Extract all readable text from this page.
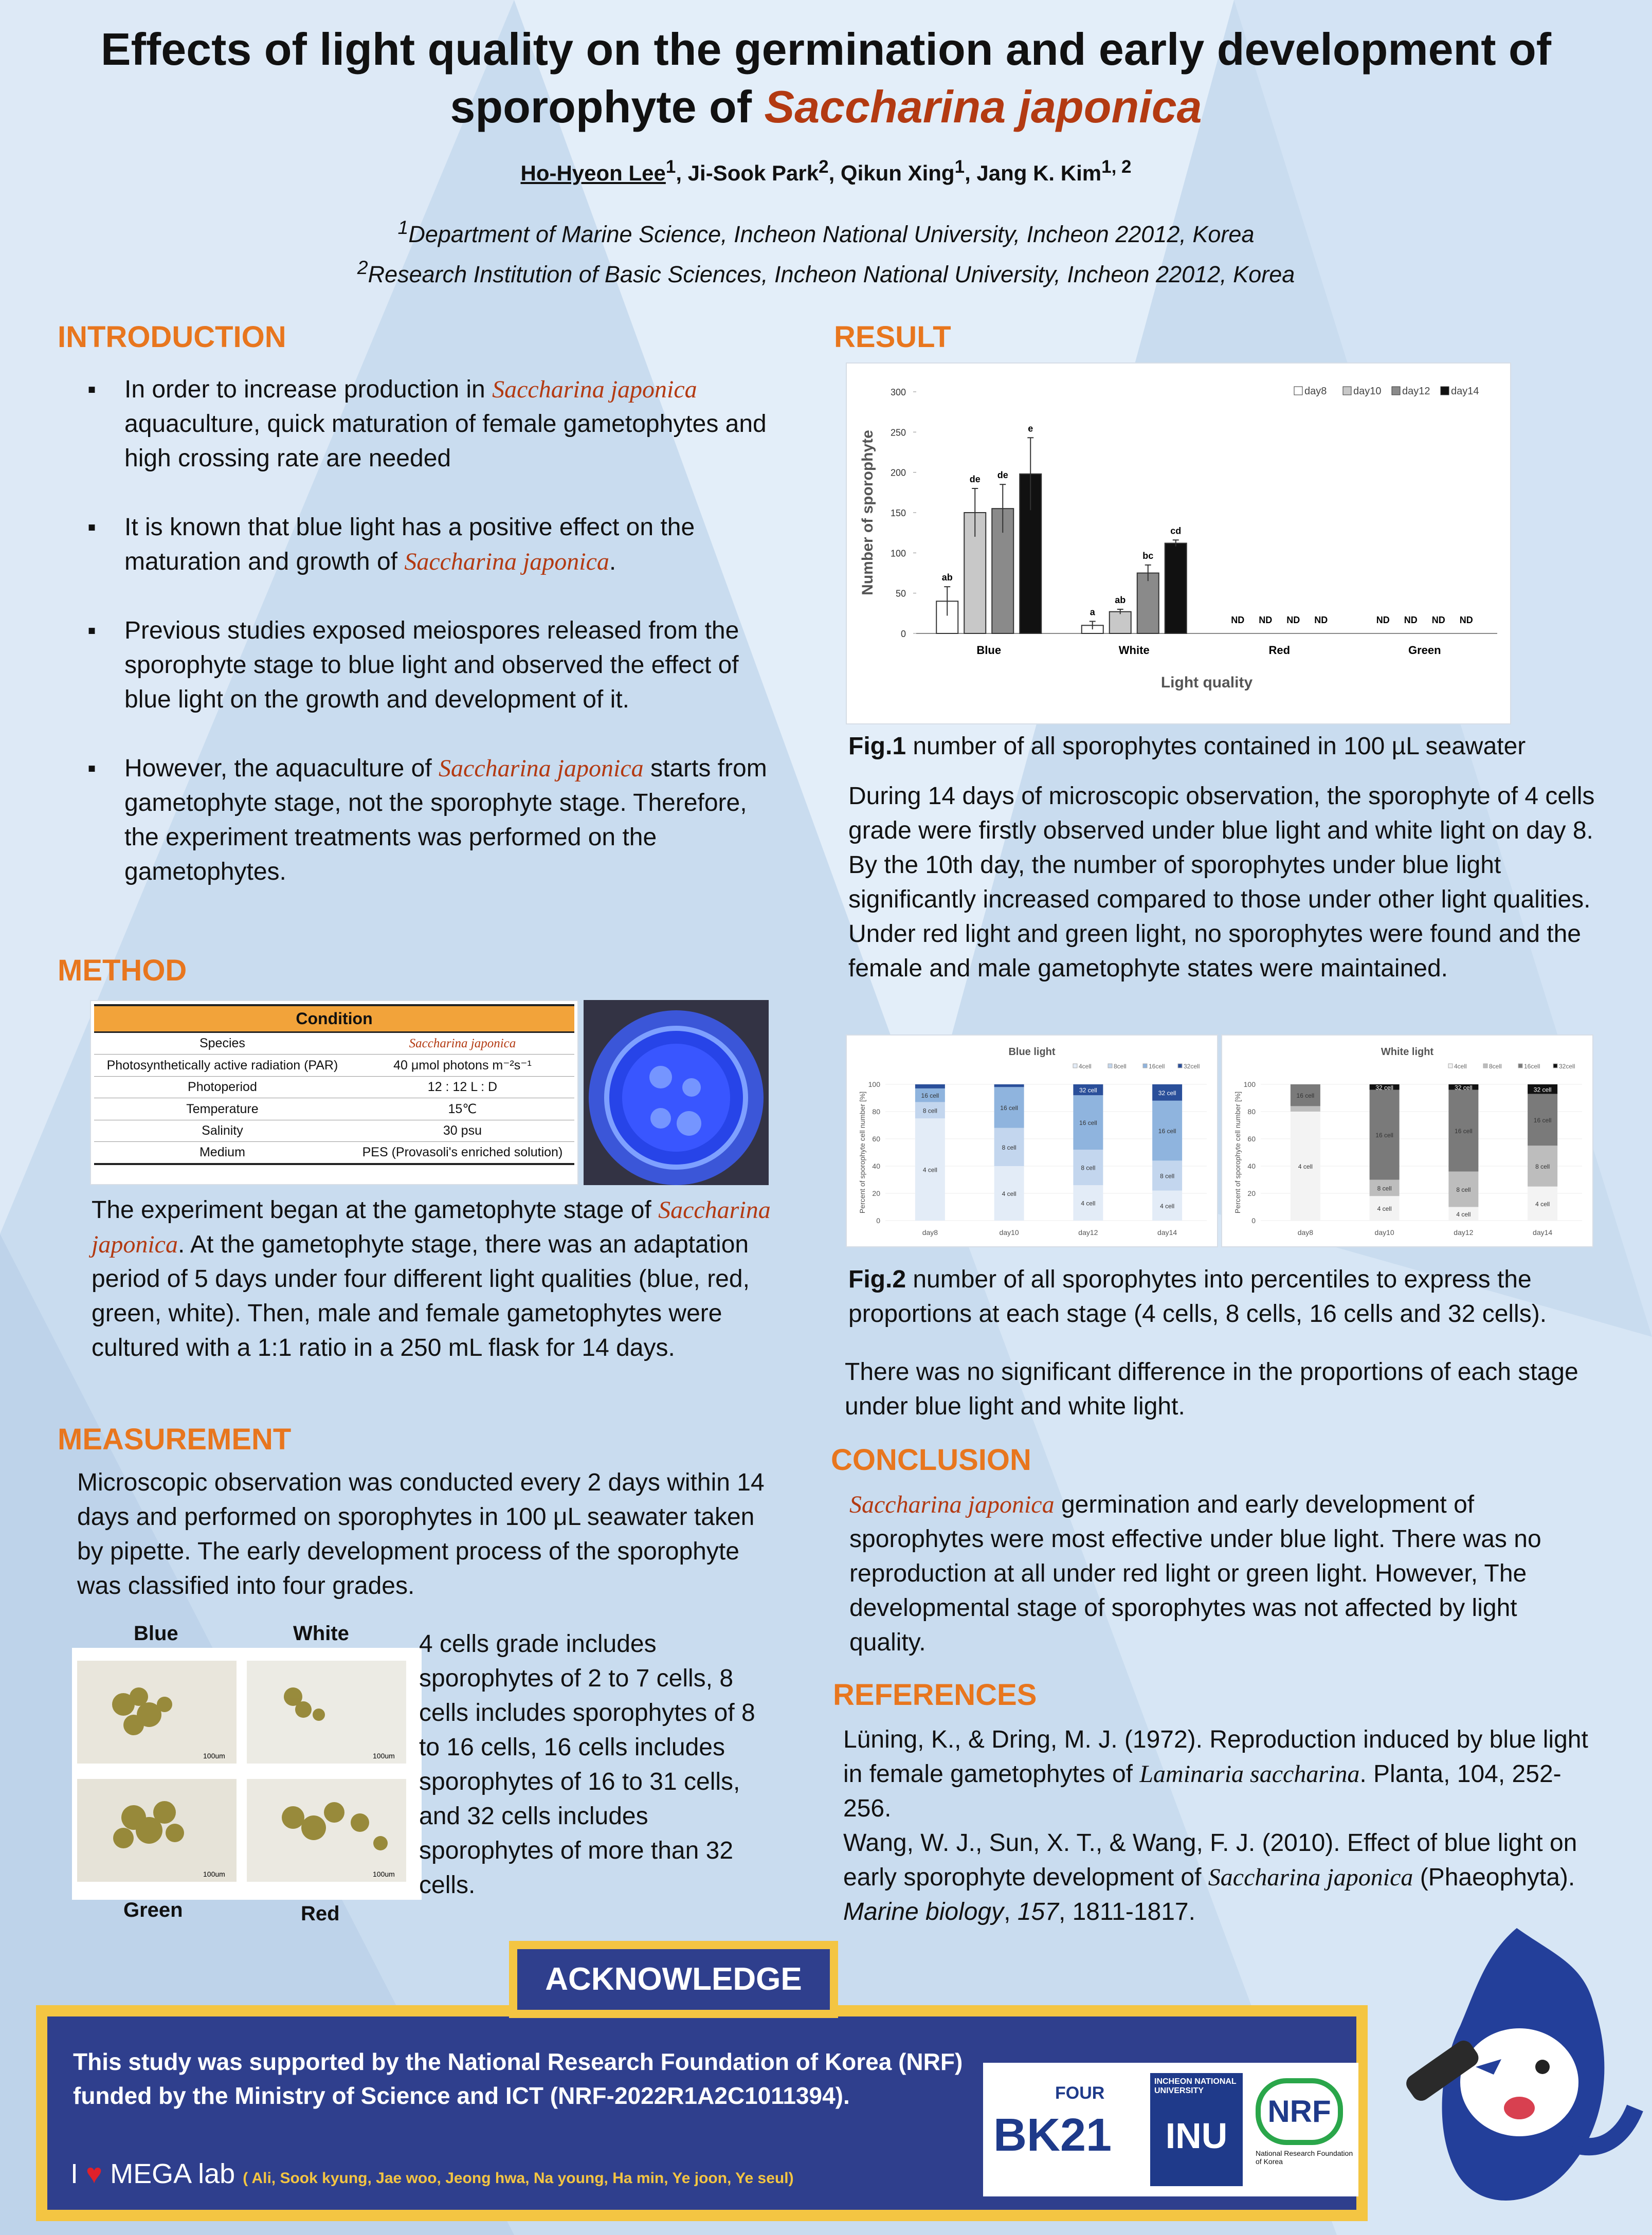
Effects of light quality on the germination and early development of
sporophyte of Saccharina japonica
Ho-Hyeon Lee$^1$, Ji-Sook Park$^2$, Qikun Xing$^1$, Jang K. Kim$^{1, 2}$
$^1$Department of Marine Science, Incheon National University, Incheon 22012, Korea
$^2$Research Institution of Basic Sciences, Incheon National University, Incheon 22012, Korea
INTRODUCTION
▪ In order to increase production in Saccharina japonica aquaculture, quick maturation of female gametophytes and high crossing rate are needed
▪ It is known that blue light has a positive effect on the maturation and growth of Saccharina japonica.
▪ Previous studies exposed meiospores released from the sporophyte stage to blue light and observed the effect of blue light on the growth and development of it.
▪ However, the aquaculture of Saccharina japonica starts from gametophyte stage, not the sporophyte stage. Therefore, the experiment treatments was performed on the gametophytes.
METHOD
Condition	
Species	Saccharina japonica
Photosynthetically active radiation (PAR)	40 μmol photons m⁻²s⁻¹
Photoperiod	12 : 12 L : D
Temperature	15℃
Salinity	30 psu
Medium	PES (Provasoli's enriched solution)
The experiment began at the gametophyte stage of Saccharina japonica. At the gametophyte stage, there was an adaptation period of 5 days under four different light qualities (blue, red, green, white). Then, male and female gametophytes were cultured with a 1:1 ratio in a 250 mL flask for 14 days.
MEASUREMENT
Microscopic observation was conducted every 2 days within 14 days and performed on sporophytes in 100 μL seawater taken by pipette. The early development process of the sporophyte was classified into four grades.
Blue	White
100um	100um
100um	100um
Green	Red
4 cells grade includes sporophytes of 2 to 7 cells, 8 cells includes sporophytes of 8 to 16 cells, 16 cells includes sporophytes of 16 to 31 cells, and 32 cells includes sporophytes of more than 32 cells.
RESULT
0
50
100
150
200
250
300
Number of sporophyte
Light quality
Blue
ab
de de
e
White
a
ab
bc
cd
Red
ND ND ND ND
Green
ND ND ND ND
day8	day10 day12 day14
Fig.1 number of all sporophytes contained in 100 µL seawater
During 14 days of microscopic observation, the sporophyte of 4 cells grade were firstly observed under blue light and white light on day 8. By the 10th day, the number of sporophytes under blue light significantly increased compared to those under other light qualities. Under red light and green light, no sporophytes were found and the female and male gametophyte states were maintained.
Blue light
4cell	8cell	16cell	32cell
0
20
40
60
80
100
Percent of sporophyte cell number [%]	4 cell
8 cell
16 cell
day8
4 cell
8 cell
16 cell
day10
4 cell
8 cell
16 cell
32 cell
day12
4 cell
8 cell
16 cell
32 cell
day14
White light
4cell	8cell	16cell	32cell
0
20
40
60
80
100
Percent of sporophyte cell number [%]	4 cell
16 cell
day8
4 cell
8 cell
16 cell
32 cell
day10
4 cell
8 cell
16 cell
32 cell
day12
4 cell
8 cell
16 cell
32 cell
day14
Fig.2 number of all sporophytes into percentiles to express the proportions at each stage (4 cells, 8 cells, 16 cells and 32 cells).
There was no significant difference in the proportions of each stage under blue light and white light.
CONCLUSION
Saccharina japonica germination and early development of sporophytes were most effective under blue light. There was no reproduction at all under red light or green light. However, The developmental stage of sporophytes was not affected by light quality.
REFERENCES
Lüning, K., & Dring, M. J. (1972). Reproduction induced by blue light in female gametophytes of Laminaria saccharina. Planta, 104, 252-256.
Wang, W. J., Sun, X. T., & Wang, F. J. (2010). Effect of blue light on early sporophyte development of Saccharina japonica (Phaeophyta). Marine biology, 157, 1811-1817.
This study was supported by the National Research Foundation of Korea (NRF) funded by the Ministry of Science and ICT (NRF-2022R1A2C1011394).
I ♥ MEGA lab ( Ali, Sook kyung, Jae woo, Jeong hwa, Na young, Ha min, Ye joon, Ye seul)
FOUR
BK21
INCHEON NATIONAL UNIVERSITY
INU
NRF
National Research Foundation of Korea
ACKNOWLEDGE
